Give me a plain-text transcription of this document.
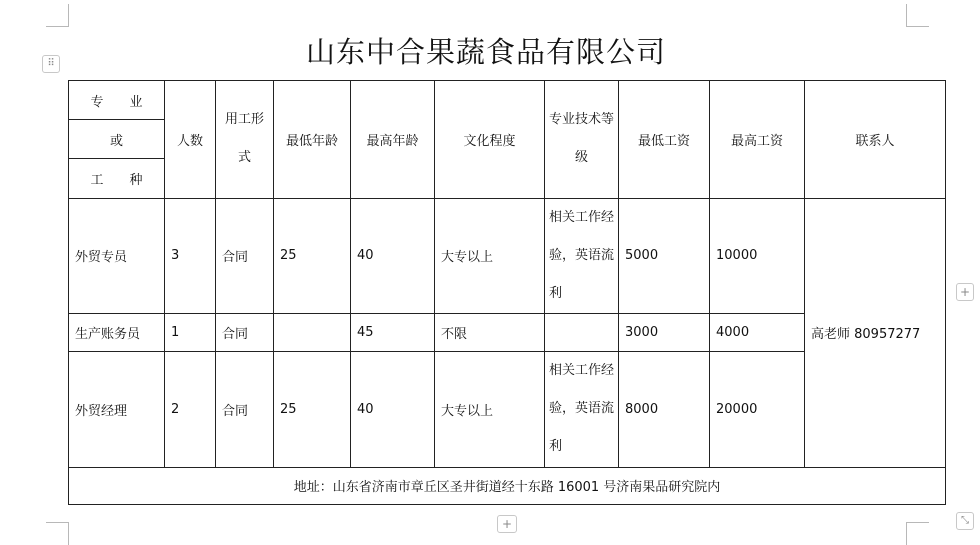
⠿
+
+	⤡
山东中合果蔬食品有限公司
专　　业	人数	用工形式	最低年龄	最高年龄	文化程度	专业技术等级	最低工资	最高工资	联系人
或									
工　　种									
外贸专员	3	合同	25	40	大专以上	相关工作经验，英语流利	5000	10000	高老师 80957277
生产账务员	1	合同		45	不限		3000	4000	
外贸经理	2	合同	25	40	大专以上	相关工作经验，英语流利	8000	20000	
地址：山东省济南市章丘区圣井街道经十东路 16001 号济南果品研究院内									
